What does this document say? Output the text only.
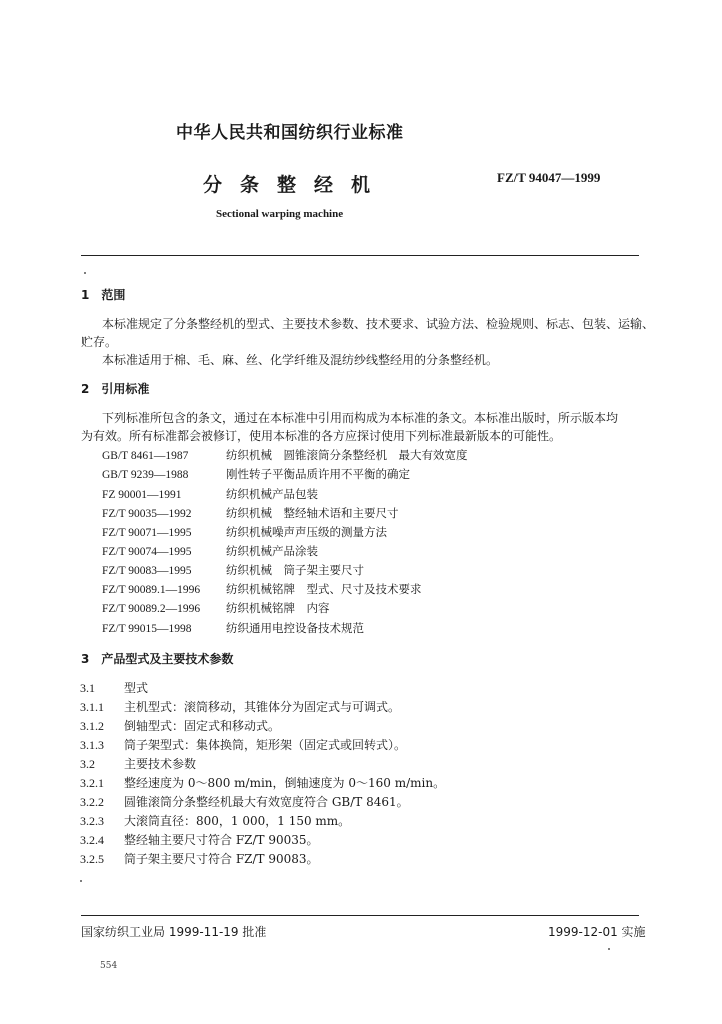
中华人民共和国纺织行业标准
分条整经机	FZ/T 94047—1999
Sectional warping machine
1　范围
本标准规定了分条整经机的型式、主要技术参数、技术要求、试验方法、检验规则、标志、包装、运输、
贮存。
本标准适用于棉、毛、麻、丝、化学纤维及混纺纱线整经用的分条整经机。
2　引用标准
下列标准所包含的条文，通过在本标准中引用而构成为本标准的条文。本标准出版时，所示版本均
为有效。所有标准都会被修订，使用本标准的各方应探讨使用下列标准最新版本的可能性。
GB/T 8461—1987	纺织机械　圆锥滚筒分条整经机　最大有效宽度
GB/T 9239—1988	刚性转子平衡品质许用不平衡的确定
FZ 90001—1991	纺织机械产品包装
FZ/T 90035—1992	纺织机械　整经轴术语和主要尺寸
FZ/T 90071—1995	纺织机械噪声声压级的测量方法
FZ/T 90074—1995	纺织机械产品涂装
FZ/T 90083—1995	纺织机械　筒子架主要尺寸
FZ/T 90089.1—1996 纺织机械铭牌　型式、尺寸及技术要求
FZ/T 90089.2—1996 纺织机械铭牌　内容
FZ/T 99015—1998	纺织通用电控设备技术规范
3　产品型式及主要技术参数
3.1 型式
3.1.1 主机型式：滚筒移动，其锥体分为固定式与可调式。
3.1.2 倒轴型式：固定式和移动式。
3.1.3 筒子架型式：集体换筒，矩形架（固定式或回转式）。
3.2 主要技术参数
3.2.1 整经速度为 0～800 m/min，倒轴速度为 0～160 m/min。
3.2.2 圆锥滚筒分条整经机最大有效宽度符合 GB/T 8461。
3.2.3 大滚筒直径：800，1 000，1 150 mm。
3.2.4 整经轴主要尺寸符合 FZ/T 90035。
3.2.5 筒子架主要尺寸符合 FZ/T 90083。
国家纺织工业局 1999-11-19 批准	1999-12-01 实施
554
